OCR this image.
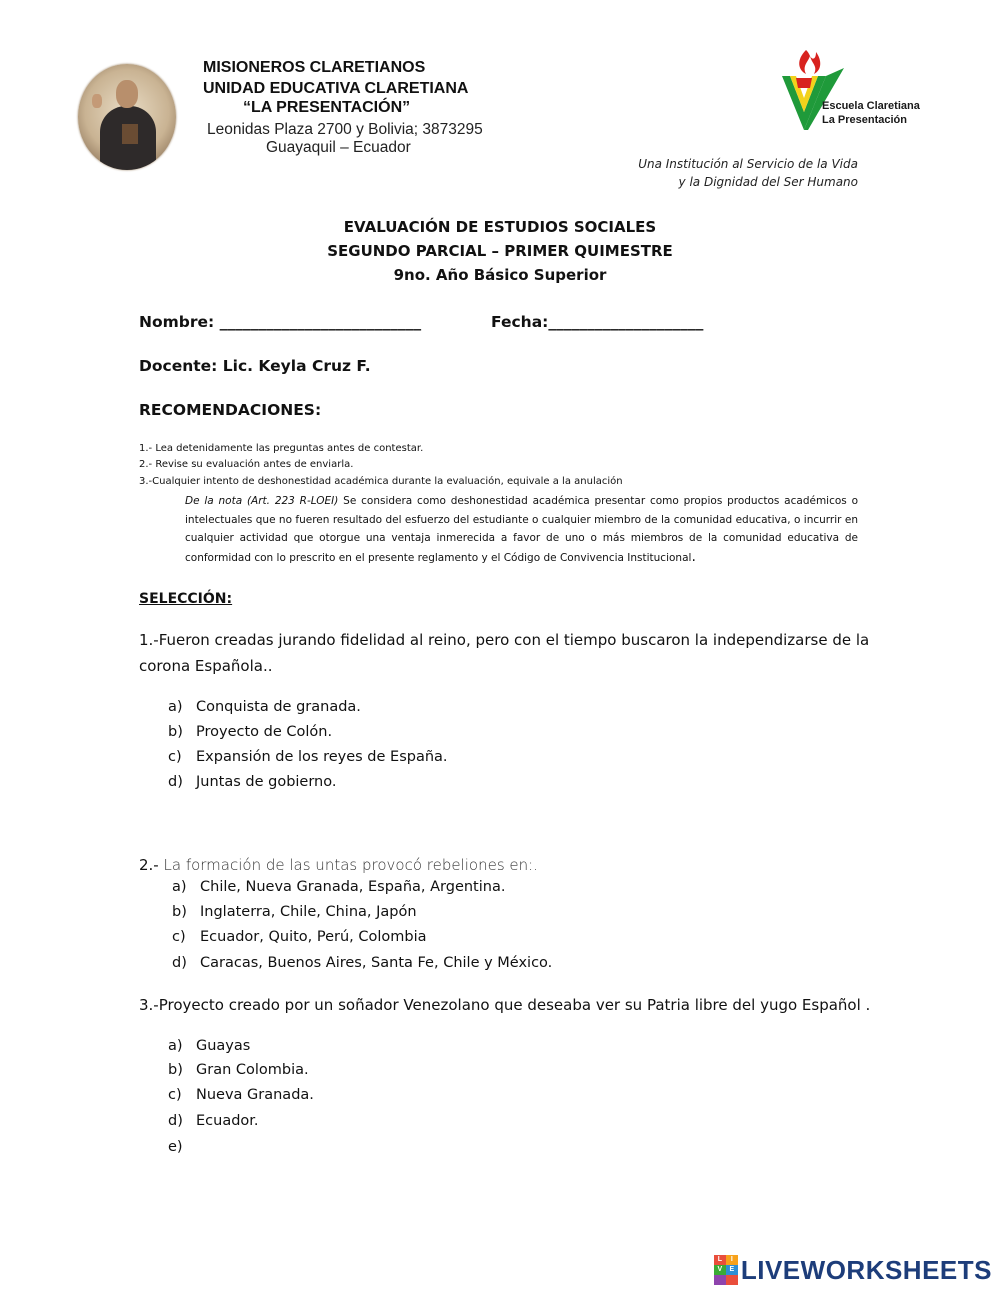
MISIONEROS CLARETIANOS
UNIDAD EDUCATIVA CLARETIANA
“LA PRESENTACIÓN”
Leonidas Plaza 2700 y Bolivia; 3873295
Guayaquil – Ecuador
Escuela Claretiana
La Presentación
Una Institución al Servicio de la Vida
y la Dignidad del Ser Humano
EVALUACIÓN DE ESTUDIOS SOCIALES
SEGUNDO PARCIAL – PRIMER QUIMESTRE
9no. Año Básico Superior
Nombre: __________________________	Fecha:____________________
Docente: Lic. Keyla Cruz F.
RECOMENDACIONES:
1.- Lea detenidamente las preguntas antes de contestar.
2.- Revise su evaluación antes de enviarla.
3.-Cualquier intento de deshonestidad académica durante la evaluación, equivale a la anulación
De la nota (Art. 223 R-LOEI) Se considera como deshonestidad académica presentar como propios productos académicos o intelectuales que no fueren resultado del esfuerzo del estudiante o cualquier miembro de la comunidad educativa, o incurrir en cualquier actividad que otorgue una ventaja inmerecida a favor de uno o más miembros de la comunidad educativa de conformidad con lo prescrito en el presente reglamento y el Código de Convivencia Institucional.
SELECCIÓN:
1.-Fueron creadas jurando fidelidad al reino, pero con el tiempo buscaron la independizarse de la
corona Española..
a) Conquista de granada.
b) Proyecto de Colón.
c) Expansión de los reyes de España.
d) Juntas de gobierno.
2.- La formación de las untas provocó rebeliones en:.
a) Chile, Nueva Granada, España, Argentina.
b) Inglaterra, Chile, China, Japón
c) Ecuador, Quito, Perú, Colombia
d) Caracas, Buenos Aires, Santa Fe, Chile y México.
3.-Proyecto creado por un soñador Venezolano que deseaba ver su Patria libre del yugo Español .
a) Guayas
b) Gran Colombia.
c) Nueva Granada.
d) Ecuador.
e)
L	I
V	E LIVEWORKSHEETS
